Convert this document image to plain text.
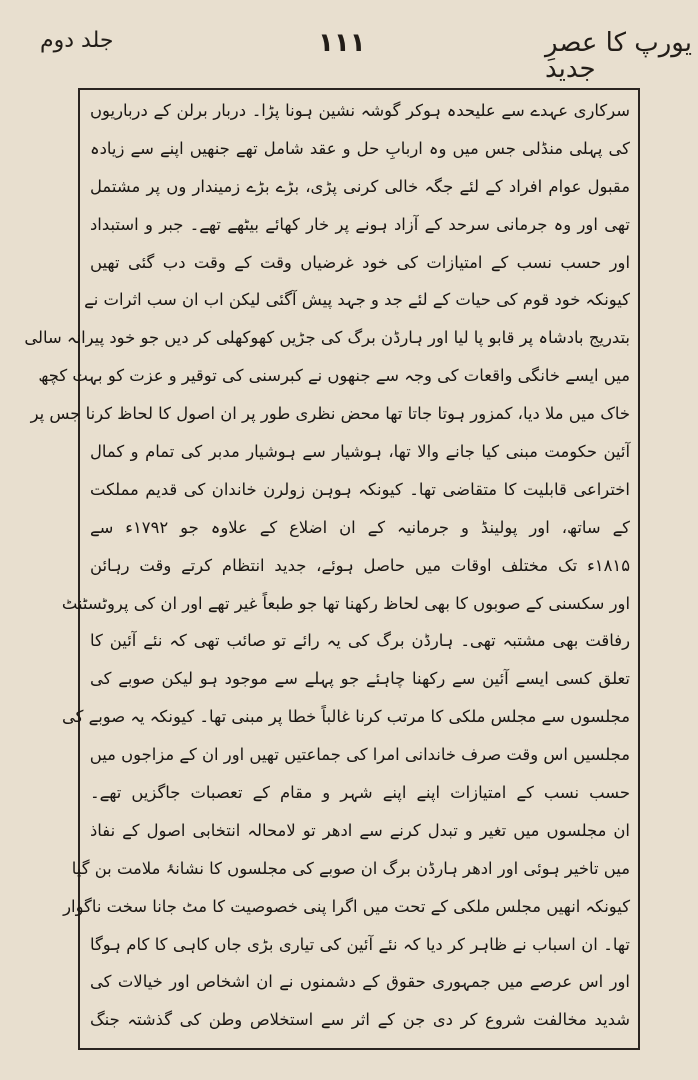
جلد دوم	۱۱۱	یورپ کا عصرِ جدید
سرکاری عہدے سے علیحدہ ہوکر گوشہ نشین ہونا پڑا۔ دربار برلن کے درباریوں
کی پہلی منڈلی جس میں وہ اربابِ حل و عقد شامل تھے جنھیں اپنے سے زیادہ
مقبول عوام افراد کے لئے جگہ خالی کرنی پڑی، بڑے بڑے زمیندار وں پر مشتمل
تھی اور وہ جرمانی سرحد کے آزاد ہونے پر خار کھائے بیٹھے تھے۔ جبر و استبداد
اور حسب نسب کے امتیازات کی خود غرضیاں وقت کے وقت دب گئی تھیں
کیونکہ خود قوم کی حیات کے لئے جد و جہد پیش آگئی لیکن اب ان سب اثرات نے
بتدریج بادشاہ پر قابو پا لیا اور ہارڈن برگ کی جڑیں کھوکھلی کر دیں جو خود پیرانہ سالی
میں ایسے خانگی واقعات کی وجہ سے جنھوں نے کبرسنی کی توقیر و عزت کو بہت کچھ
خاک میں ملا دیا، کمزور ہوتا جاتا تھا محض نظری طور پر ان اصول کا لحاظ کرنا جس پر
آئین حکومت مبنی کیا جانے والا تھا، ہوشیار سے ہوشیار مدبر کی تمام و کمال
اختراعی قابلیت کا متقاضی تھا۔ کیونکہ ہوہن زولرن خاندان کی قدیم مملکت
کے ساتھ، اور پولینڈ و جرمانیہ کے ان اضلاع کے علاوہ جو ۱۷۹۲ء سے
۱۸۱۵ء تک مختلف اوقات میں حاصل ہوئے، جدید انتظام کرتے وقت رہائن
اور سکسنی کے صوبوں کا بھی لحاظ رکھنا تھا جو طبعاً غیر تھے اور ان کی پروٹسٹنٹ
رفاقت بھی مشتبہ تھی۔ ہارڈن برگ کی یہ رائے تو صائب تھی کہ نئے آئین کا
تعلق کسی ایسے آئین سے رکھنا چاہئے جو پہلے سے موجود ہو لیکن صوبے کی
مجلسوں سے مجلس ملکی کا مرتب کرنا غالباً خطا پر مبنی تھا۔ کیونکہ یہ صوبے کی
مجلسیں اس وقت صرف خاندانی امرا کی جماعتیں تھیں اور ان کے مزاجوں میں
حسب نسب کے امتیازات اپنے اپنے شہر و مقام کے تعصبات جاگزیں تھے۔
ان مجلسوں میں تغیر و تبدل کرنے سے ادھر تو لامحالہ انتخابی اصول کے نفاذ
میں تاخیر ہوئی اور ادھر ہارڈن برگ ان صوبے کی مجلسوں کا نشانۂ ملامت بن گیا
کیونکہ انھیں مجلس ملکی کے تحت میں اگرا پنی خصوصیت کا مٹ جانا سخت ناگوار
تھا۔ ان اسباب نے ظاہر کر دیا کہ نئے آئین کی تیاری بڑی جاں کاہی کا کام ہوگا
اور اس عرصے میں جمہوری حقوق کے دشمنوں نے ان اشخاص اور خیالات کی
شدید مخالفت شروع کر دی جن کے اثر سے استخلاص وطن کی گذشتہ جنگ
